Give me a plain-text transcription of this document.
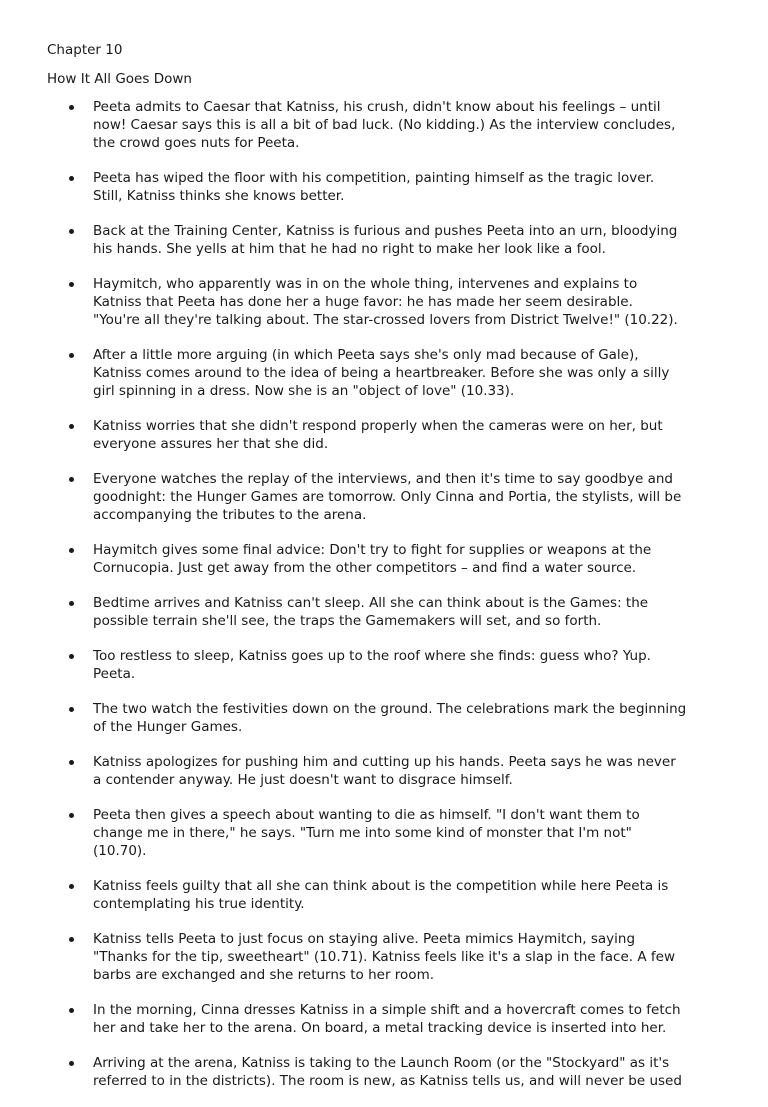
Chapter 10

How It All Goes Down

Peeta admits to Caesar that Katniss, his crush, didn't know about his feelings – until
now! Caesar says this is all a bit of bad luck. (No kidding.) As the interview concludes,
the crowd goes nuts for Peeta.
Peeta has wiped the floor with his competition, painting himself as the tragic lover.
Still, Katniss thinks she knows better.
Back at the Training Center, Katniss is furious and pushes Peeta into an urn, bloodying
his hands. She yells at him that he had no right to make her look like a fool.
Haymitch, who apparently was in on the whole thing, intervenes and explains to
Katniss that Peeta has done her a huge favor: he has made her seem desirable.
"You're all they're talking about. The star-crossed lovers from District Twelve!" (10.22).
After a little more arguing (in which Peeta says she's only mad because of Gale),
Katniss comes around to the idea of being a heartbreaker. Before she was only a silly
girl spinning in a dress. Now she is an "object of love" (10.33).
Katniss worries that she didn't respond properly when the cameras were on her, but
everyone assures her that she did.
Everyone watches the replay of the interviews, and then it's time to say goodbye and
goodnight: the Hunger Games are tomorrow. Only Cinna and Portia, the stylists, will be
accompanying the tributes to the arena.
Haymitch gives some final advice: Don't try to fight for supplies or weapons at the
Cornucopia. Just get away from the other competitors – and find a water source.
Bedtime arrives and Katniss can't sleep. All she can think about is the Games: the
possible terrain she'll see, the traps the Gamemakers will set, and so forth.
Too restless to sleep, Katniss goes up to the roof where she finds: guess who? Yup.
Peeta.
The two watch the festivities down on the ground. The celebrations mark the beginning
of the Hunger Games.
Katniss apologizes for pushing him and cutting up his hands. Peeta says he was never
a contender anyway. He just doesn't want to disgrace himself.
Peeta then gives a speech about wanting to die as himself. "I don't want them to
change me in there," he says. "Turn me into some kind of monster that I'm not"
(10.70).
Katniss feels guilty that all she can think about is the competition while here Peeta is
contemplating his true identity.
Katniss tells Peeta to just focus on staying alive. Peeta mimics Haymitch, saying
"Thanks for the tip, sweetheart" (10.71). Katniss feels like it's a slap in the face. A few
barbs are exchanged and she returns to her room.
In the morning, Cinna dresses Katniss in a simple shift and a hovercraft comes to fetch
her and take her to the arena. On board, a metal tracking device is inserted into her.
Arriving at the arena, Katniss is taking to the Launch Room (or the "Stockyard" as it's
referred to in the districts). The room is new, as Katniss tells us, and will never be used
